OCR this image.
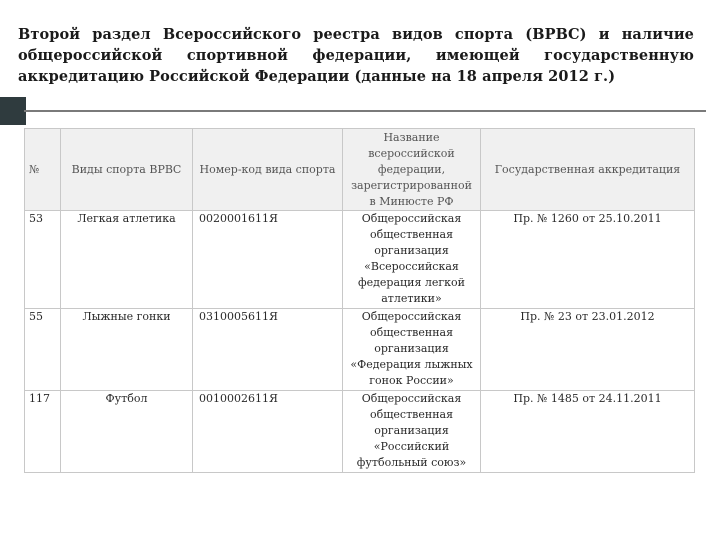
Второй раздел Всероссийского реестра видов спорта (ВРВС) и наличие общероссийской спортивной федерации, имеющей государственную аккредитацию Российской Федерации (данные на 18 апреля 2012 г.)
№	Виды спорта ВРВС	Номер-код вида спорта	Название всероссийской федерации, зарегистрированной в Минюсте РФ	Государственная аккредитация
53	Легкая атлетика	0020001611Я	Общероссийская общественная организация «Всероссийская федерация легкой атлетики»	Пр. № 1260 от 25.10.2011
55	Лыжные гонки	0310005611Я	Общероссийская общественная организация «Федерация лыжных гонок России»	Пр. № 23 от 23.01.2012
117	Футбол	0010002611Я	Общероссийская общественная организация «Российский футбольный союз»	Пр. № 1485 от 24.11.2011
